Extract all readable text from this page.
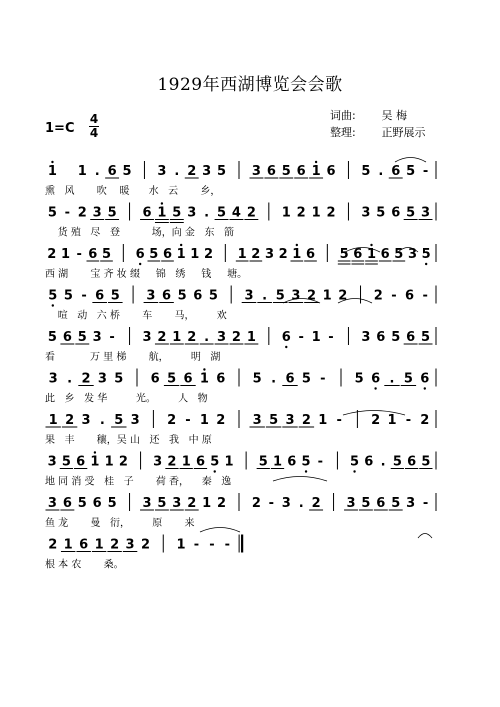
1929年西湖博览会会歌
1=C
4
4
词曲: 吴 梅
整理: 正野展示
1 1 . 6 5 3 . 2 3 5 3 6 5 6 1 6 5 . 6 5 -
熏   风       吹    暖      水   云       乡，
5 - 2 3 5 6 1 5 3 . 5 4 2 1 2 1 2 3 5 6 5 3
货 殖   尽   登          场，向 金   东   箭
2 1 - 6 5 6 5 6 1 1 2 1 2 3 2 1 6 5 6 1 6 5 3 5
西 湖       宝 齐 妆 缀     锦   绣     钱     塘。
5 5 - 6 5 3 6 5 6 5 3 . 5 3 2 1 2 2 - 6 -
喧   动   六 桥       车       马，       欢
5 6 5 3 - 3 2 1 2 . 3 2 1 6 - 1 - 3 6 5 6 5
看           万 里 梯       航，       明   湖
3 . 2 3 5 6 5 6 1 6 5 . 6 5 - 5 6 . 5 6
此   乡   发 华         光。       人   物
1 2 3 . 5 3 2 - 1 2 3 5 3 2 1 - 2 1 - 2
果   丰       穰，吴 山   还   我   中 原
3 5 6 1 1 2 3 2 1 6 5 1 5 1 6 5 - 5 6 . 5 6 5
地 同 消 受   桂   子       荷 香，    秦   逸
3 6 5 6 5 3 5 3 2 1 2 2 - 3 . 2 3 5 6 5 3 -
鱼 龙       曼   衍，       原       来
2 1 6 1 2 3 2 1 - - -
根 本 农       桑。
